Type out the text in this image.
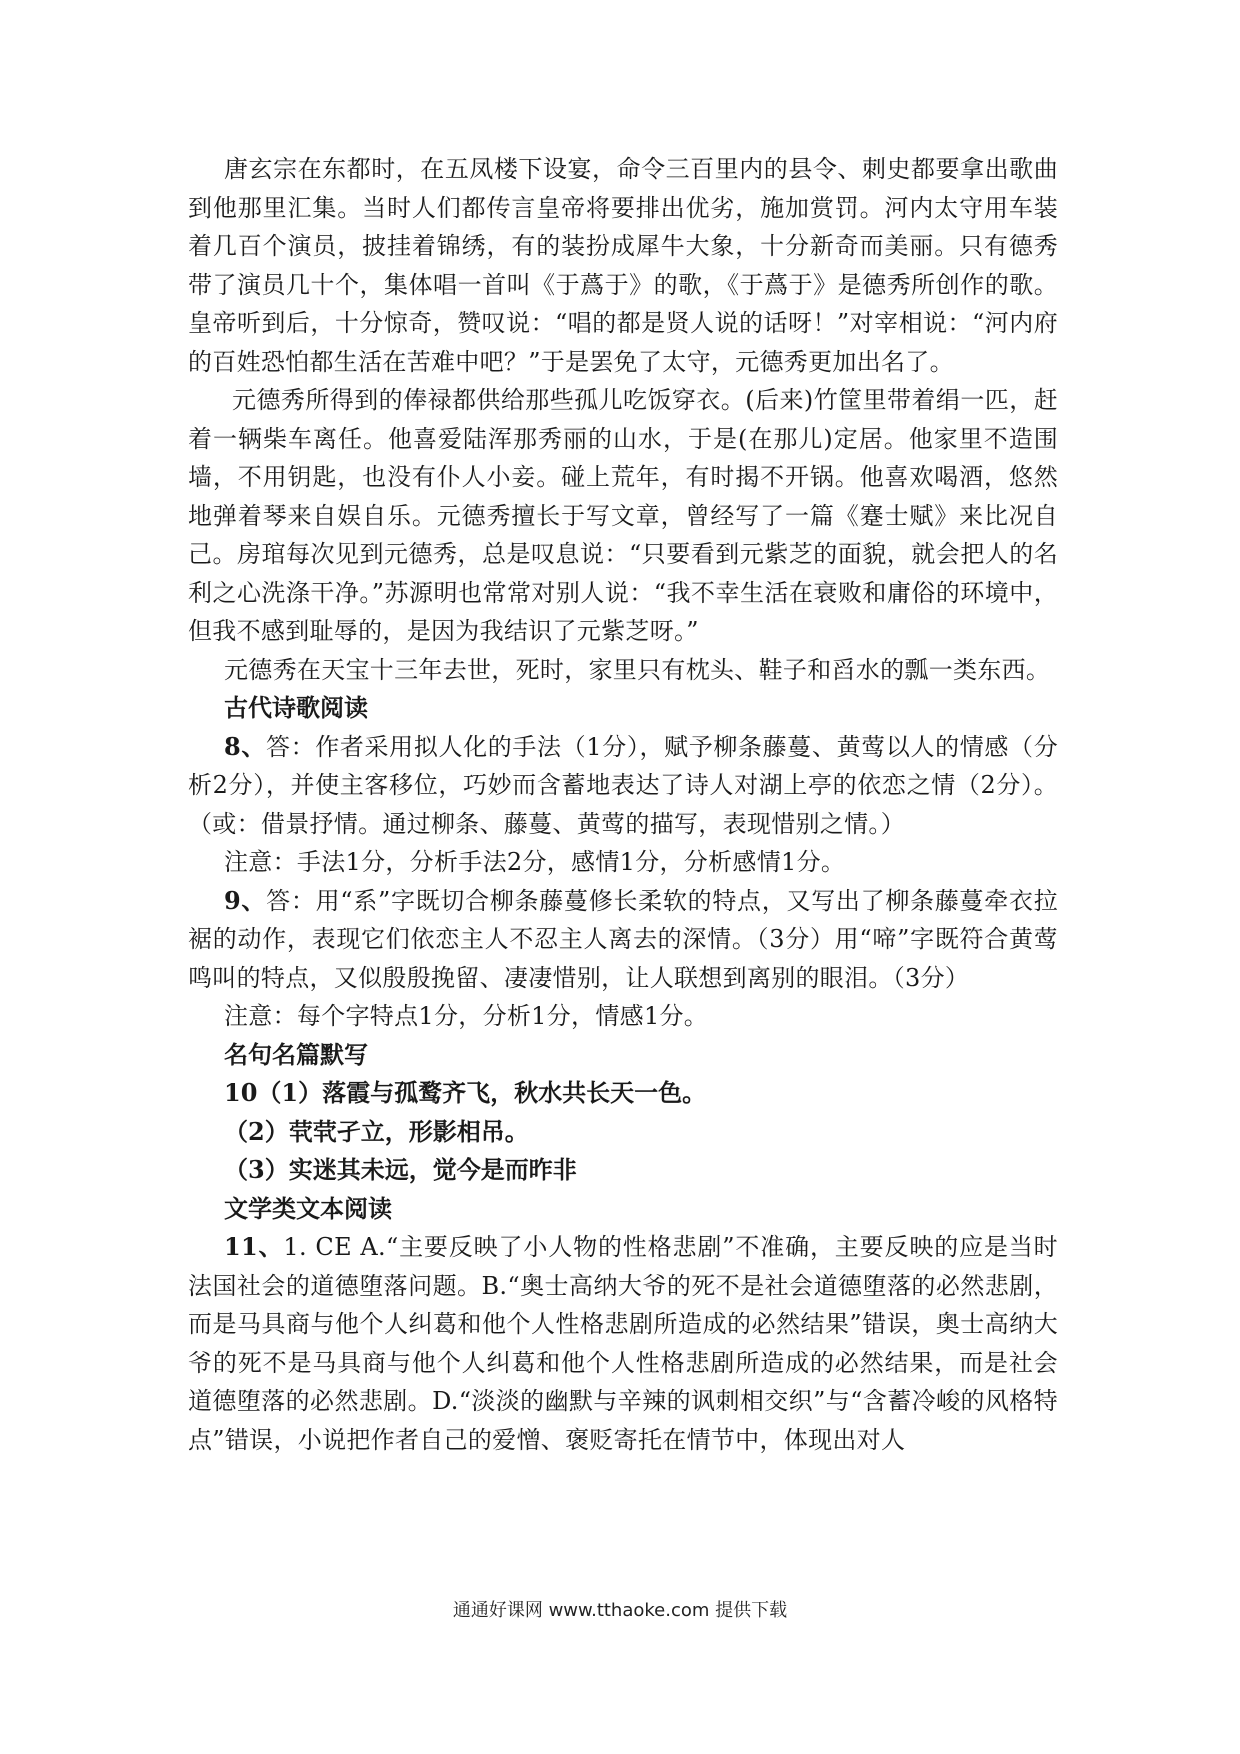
唐玄宗在东都时，在五凤楼下设宴，命令三百里内的县令、刺史都要拿出歌曲到他那里汇集。当时人们都传言皇帝将要排出优劣，施加赏罚。河内太守用车装着几百个演员，披挂着锦绣，有的装扮成犀牛大象，十分新奇而美丽。只有德秀带了演员几十个，集体唱一首叫《于蔿于》的歌，《于蔿于》是德秀所创作的歌。皇帝听到后，十分惊奇，赞叹说：“唱的都是贤人说的话呀！”对宰相说：“河内府的百姓恐怕都生活在苦难中吧？”于是罢免了太守，元德秀更加出名了。

元德秀所得到的俸禄都供给那些孤儿吃饭穿衣。(后来)竹筐里带着绢一匹，赶着一辆柴车离任。他喜爱陆浑那秀丽的山水，于是(在那儿)定居。他家里不造围墙，不用钥匙，也没有仆人小妾。碰上荒年，有时揭不开锅。他喜欢喝酒，悠然地弹着琴来自娱自乐。元德秀擅长于写文章，曾经写了一篇《蹇士赋》来比况自己。房琯每次见到元德秀，总是叹息说：“只要看到元紫芝的面貌，就会把人的名利之心洗涤干净。”苏源明也常常对别人说：“我不幸生活在衰败和庸俗的环境中，但我不感到耻辱的，是因为我结识了元紫芝呀。”

元德秀在天宝十三年去世，死时，家里只有枕头、鞋子和舀水的瓢一类东西。

古代诗歌阅读

8、答：作者采用拟人化的手法（1分），赋予柳条藤蔓、黄莺以人的情感（分析2分），并使主客移位，巧妙而含蓄地表达了诗人对湖上亭的依恋之情（2分）。（或：借景抒情。通过柳条、藤蔓、黄莺的描写，表现惜别之情。）

注意：手法1分，分析手法2分，感情1分，分析感情1分。

9、答：用“系”字既切合柳条藤蔓修长柔软的特点，又写出了柳条藤蔓牵衣拉裾的动作，表现它们依恋主人不忍主人离去的深情。（3分）用“啼”字既符合黄莺鸣叫的特点，又似殷殷挽留、凄凄惜别，让人联想到离别的眼泪。（3分）

注意：每个字特点1分，分析1分，情感1分。

名句名篇默写

10（1）落霞与孤鹜齐飞，秋水共长天一色。

（2）茕茕孑立，形影相吊。

（3）实迷其未远，觉今是而昨非

文学类文本阅读

11、1. CE A.“主要反映了小人物的性格悲剧”不准确，主要反映的应是当时法国社会的道德堕落问题。B.“奥士高纳大爷的死不是社会道德堕落的必然悲剧，而是马具商与他个人纠葛和他个人性格悲剧所造成的必然结果”错误，奥士高纳大爷的死不是马具商与他个人纠葛和他个人性格悲剧所造成的必然结果，而是社会道德堕落的必然悲剧。D.“淡淡的幽默与辛辣的讽刺相交织”与“含蓄冷峻的风格特点”错误，小说把作者自己的爱憎、褒贬寄托在情节中，体现出对人

通通好课网 www.tthaoke.com 提供下载
